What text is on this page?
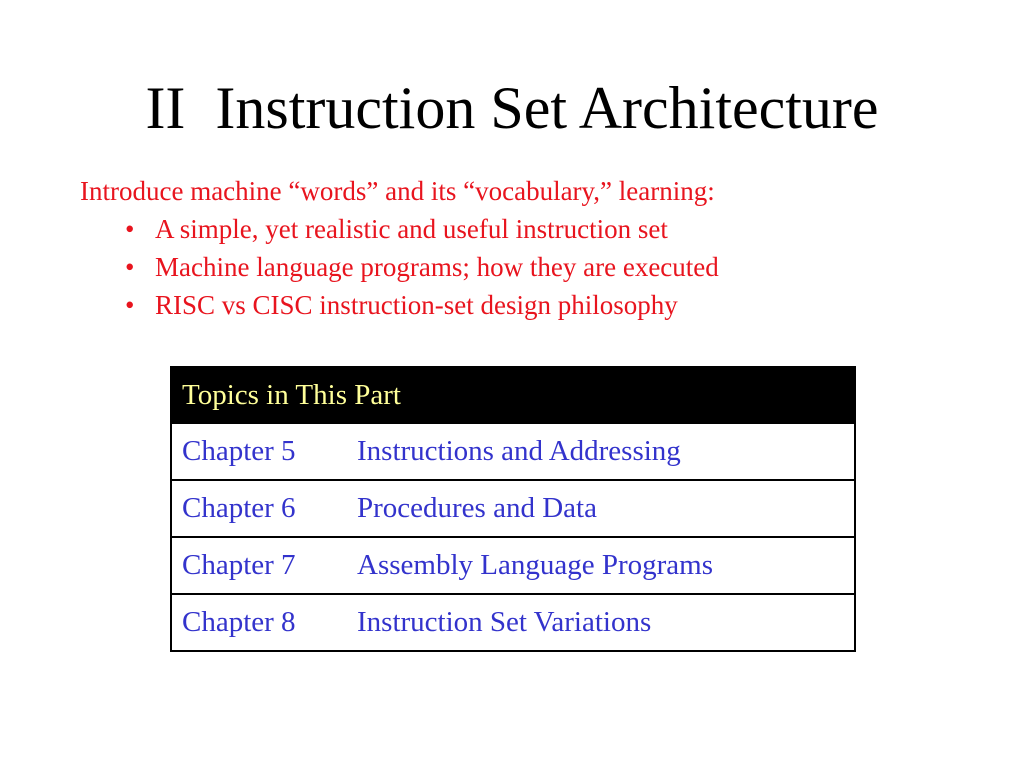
II  Instruction Set Architecture
Introduce machine “words” and its “vocabulary,” learning:
• A simple, yet realistic and useful instruction set
• Machine language programs; how they are executed
• RISC vs CISC instruction-set design philosophy
Topics in This Part
Chapter 5 Instructions and Addressing
Chapter 6 Procedures and Data
Chapter 7 Assembly Language Programs
Chapter 8 Instruction Set Variations
